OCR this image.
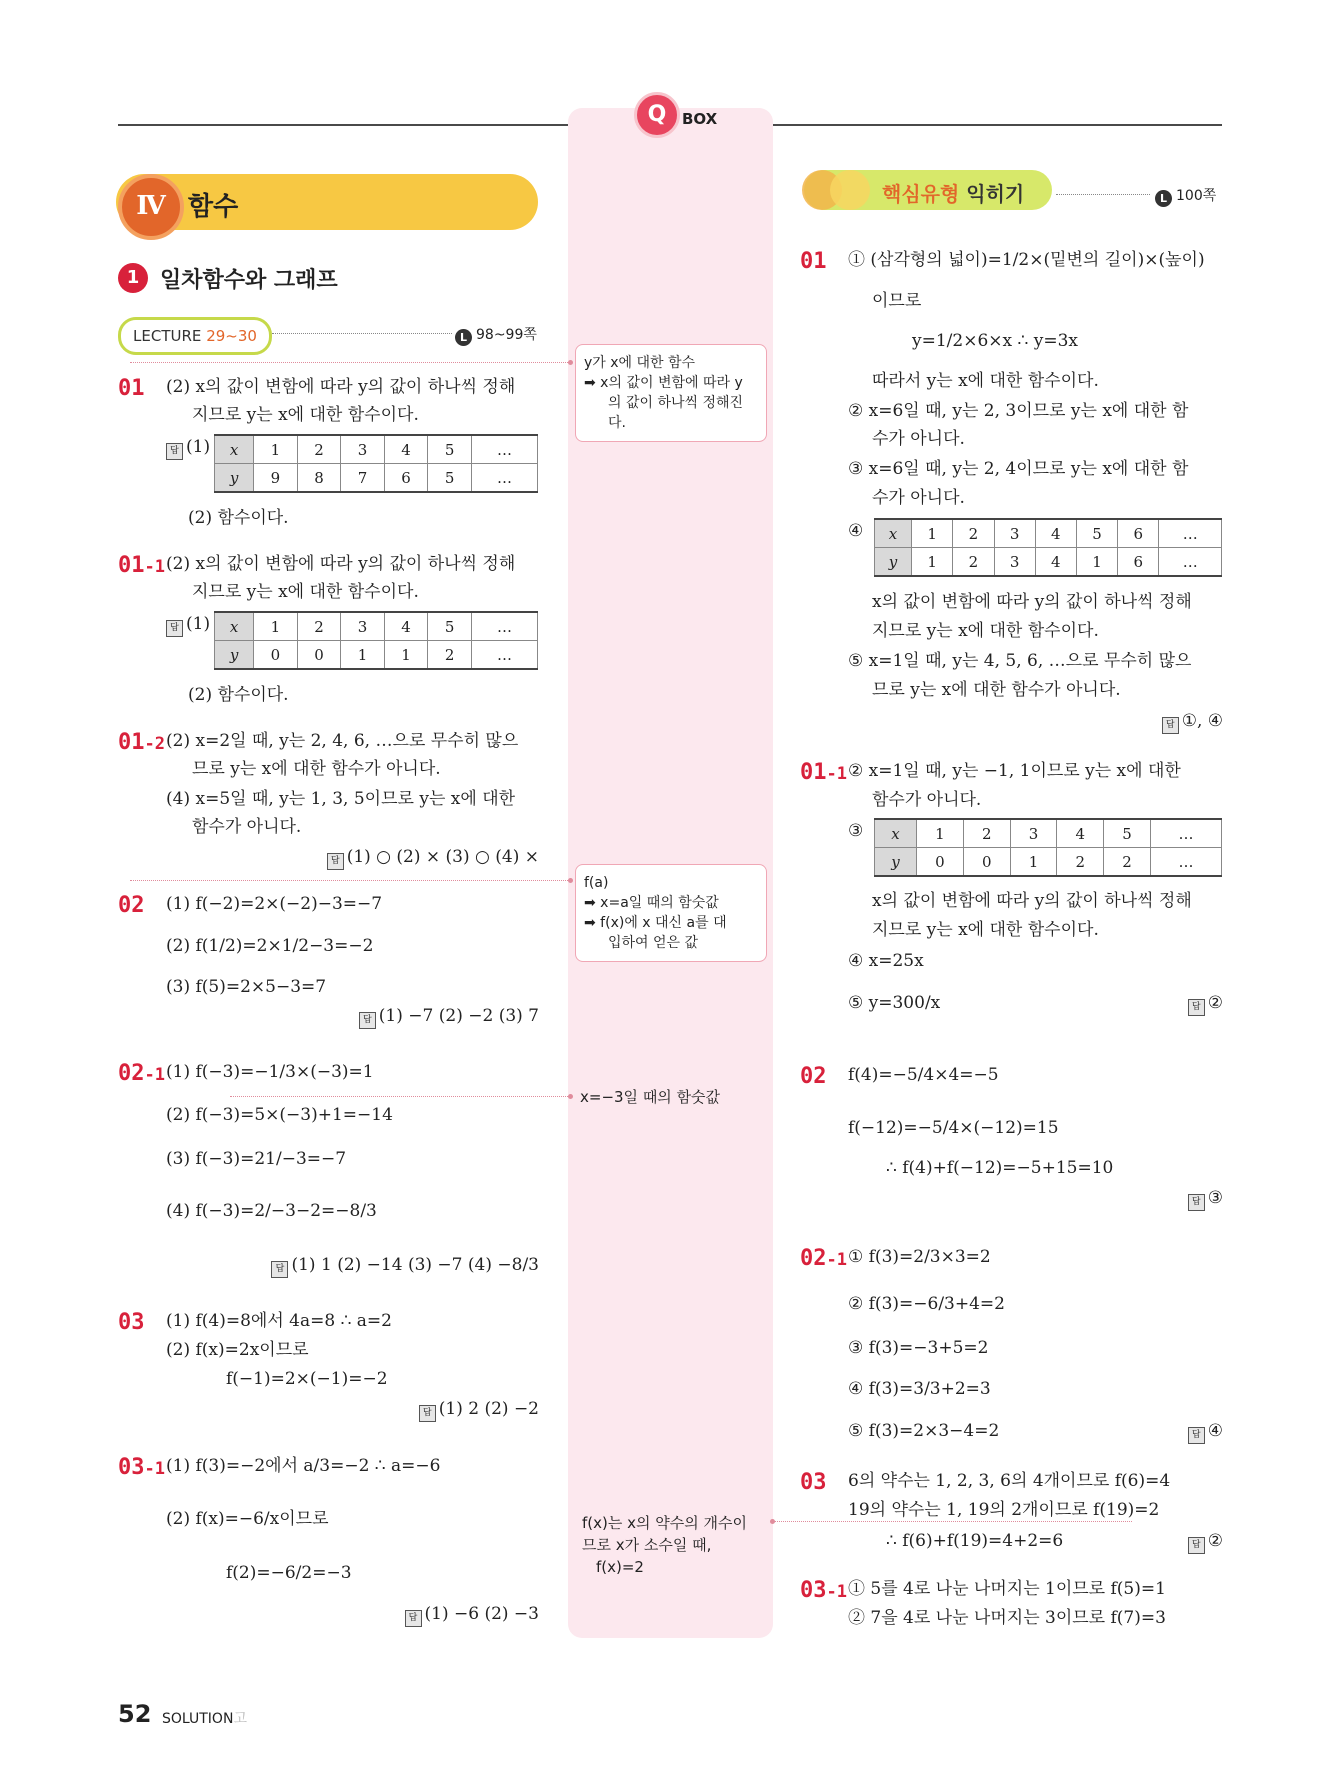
Q	BOX
Ⅳ 함수
1 일차함수와 그래프
LECTURE 29~30	L 98~99쪽
핵심유형 익히기	L 100쪽
01 (2) x의 값이 변함에 따라 y의 값이 하나씩 정해
지므로 y는 x에 대한 함수이다.
답 (1) x	1	2	3	4	5	…
y	9	8	7	6	5	…
(2) 함수이다.
01-1 (2) x의 값이 변함에 따라 y의 값이 하나씩 정해
지므로 y는 x에 대한 함수이다.
답 (1) x	1	2	3	4	5	…
y	0	0	1	1	2	…
(2) 함수이다.
01-2 (2) x=2일 때, y는 2, 4, 6, …으로 무수히 많으
므로 y는 x에 대한 함수가 아니다.
(4) x=5일 때, y는 1, 3, 5이므로 y는 x에 대한
함수가 아니다.
답 (1) ○ (2) × (3) ○ (4) ×
02 (1) f(−2)=2×(−2)−3=−7
(2) f(1/2)=2×1/2−3=−2
(3) f(5)=2×5−3=7
답 (1) −7 (2) −2 (3) 7
02-1 (1) f(−3)=−1/3×(−3)=1
(2) f(−3)=5×(−3)+1=−14
(3) f(−3)=21/−3=−7
(4) f(−3)=2/−3−2=−8/3
답 (1) 1 (2) −14 (3) −7 (4) −8/3
03 (1) f(4)=8에서 4a=8 ∴ a=2
(2) f(x)=2x이므로
f(−1)=2×(−1)=−2
답 (1) 2 (2) −2
03-1 (1) f(3)=−2에서 a/3=−2 ∴ a=−6
(2) f(x)=−6/x이므로
f(2)=−6/2=−3
답 (1) −6 (2) −3
y가 x에 대한 함수
➡ x의 값이 변함에 따라 y
의 값이 하나씩 정해진
다.
f(a)
➡ x=a일 때의 함숫값
➡ f(x)에 x 대신 a를 대
입하여 얻은 값
x=−3일 때의 함숫값
f(x)는 x의 약수의 개수이
므로 x가 소수일 때,
f(x)=2
01 ① (삼각형의 넓이)=1/2×(밑변의 길이)×(높이)
이므로
y=1/2×6×x ∴ y=3x
따라서 y는 x에 대한 함수이다.
② x=6일 때, y는 2, 3이므로 y는 x에 대한 함
수가 아니다.
③ x=6일 때, y는 2, 4이므로 y는 x에 대한 함
수가 아니다.
④ x	1	2	3	4	5	6	…
y	1	2	3	4	1	6	…
x의 값이 변함에 따라 y의 값이 하나씩 정해
지므로 y는 x에 대한 함수이다.
⑤ x=1일 때, y는 4, 5, 6, …으로 무수히 많으
므로 y는 x에 대한 함수가 아니다.
답 ①, ④
01-1 ② x=1일 때, y는 −1, 1이므로 y는 x에 대한
함수가 아니다.
③ x	1	2	3	4	5	…
y	0	0	1	2	2	…
x의 값이 변함에 따라 y의 값이 하나씩 정해
지므로 y는 x에 대한 함수이다.
④ x=25x
⑤ y=300/x	답 ②
02 f(4)=−5/4×4=−5
f(−12)=−5/4×(−12)=15
∴ f(4)+f(−12)=−5+15=10
답 ③
02-1 ① f(3)=2/3×3=2
② f(3)=−6/3+4=2
③ f(3)=−3+5=2
④ f(3)=3/3+2=3
⑤ f(3)=2×3−4=2	답 ④
03 6의 약수는 1, 2, 3, 6의 4개이므로 f(6)=4
19의 약수는 1, 19의 2개이므로 f(19)=2
∴ f(6)+f(19)=4+2=6	답 ②
03-1 ① 5를 4로 나눈 나머지는 1이므로 f(5)=1
② 7을 4로 나눈 나머지는 3이므로 f(7)=3
52 SOLUTION고
